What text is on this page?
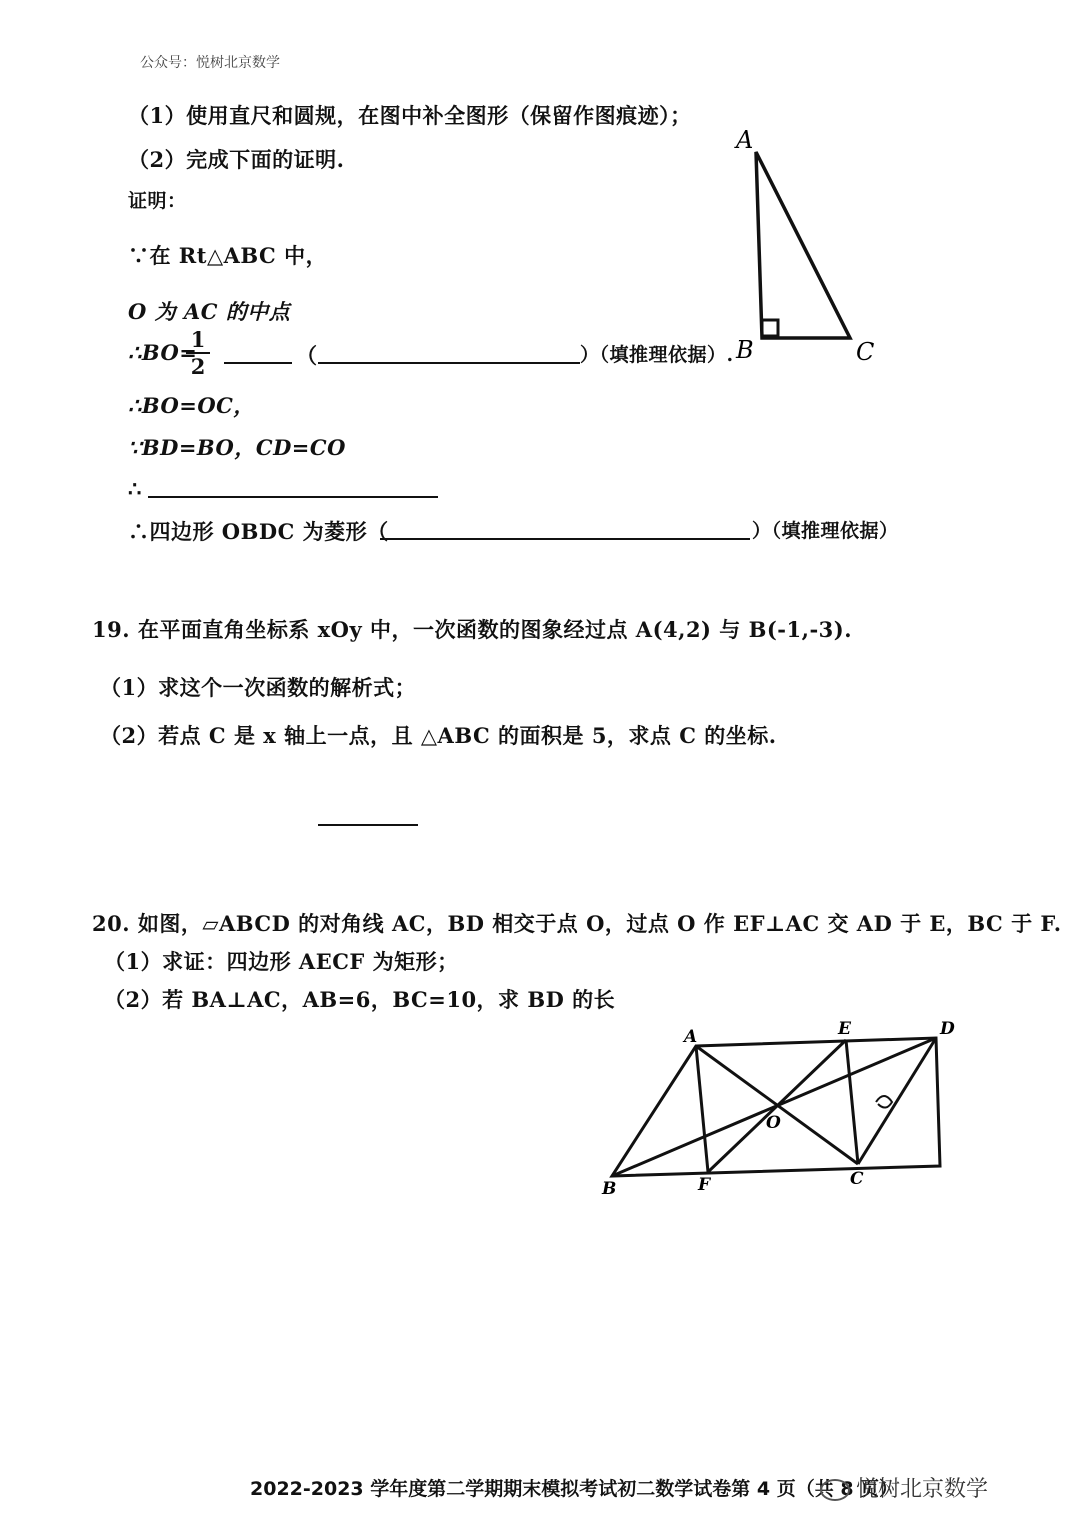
公众号：悦树北京数学
（1）使用直尺和圆规，在图中补全图形（保留作图痕迹）；
（2）完成下面的证明.
证明：
∵在 Rt△ABC 中，
O 为 AC 的中点
∴BO=
$\frac{1}{2}$	（	）（填推理依据）.
∴BO=OC，
∵BD=BO，CD=CO
∴
∴四边形 OBDC 为菱形（	）（填推理依据）
A
B	C
19. 在平面直角坐标系 xOy 中，一次函数的图象经过点 A(4,2) 与 B(-1,-3).
（1）求这个一次函数的解析式；
（2）若点 C 是 x 轴上一点，且 △ABC 的面积是 5，求点 C 的坐标.
20. 如图，▱ABCD 的对角线 AC，BD 相交于点 O，过点 O 作 EF⊥AC 交 AD 于 E，BC 于 F.
（1）求证：四边形 AECF 为矩形；
（2）若 BA⊥AC，AB=6，BC=10，求 BD 的长
A	E	D
O
B	F	C
2022-2023 学年度第二学期期末模拟考试初二数学试卷第 4 页（共 8 页）
悦树北京数学
